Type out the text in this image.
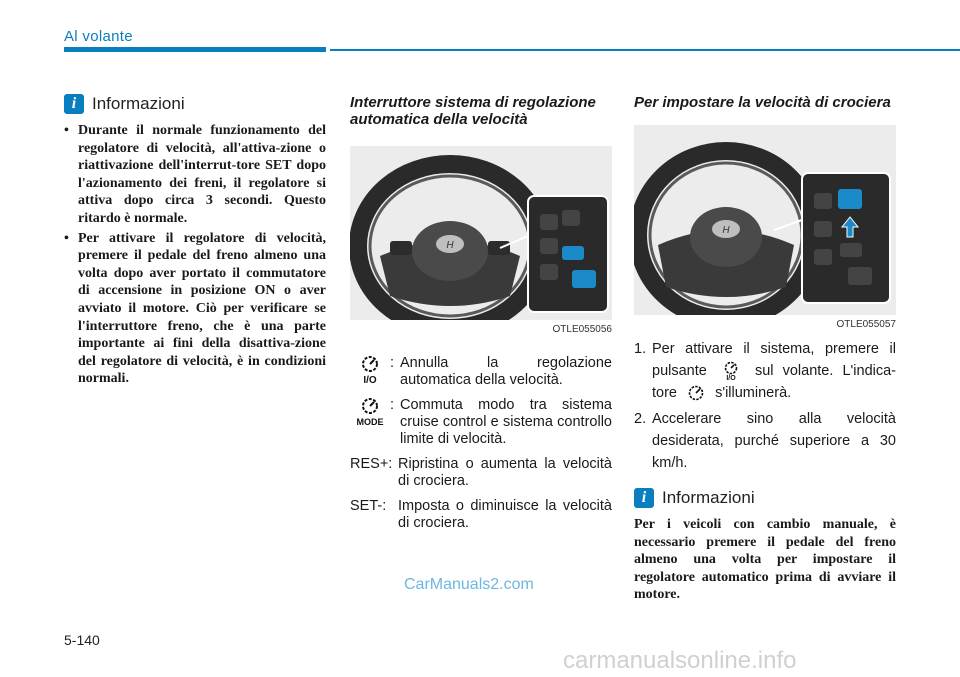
Al volante
i Informazioni
• Durante il normale funzionamento del regolatore di velocità, all'attiva-zione o riattivazione dell'interrut-tore SET dopo l'azionamento dei freni, il regolatore si attiva dopo circa 3 secondi. Questo ritardo è normale.
• Per attivare il regolatore di velocità, premere il pedale del freno almeno una volta dopo aver portato il commutatore di accensione in posizione ON o aver avviato il motore. Ciò per verificare se l'interruttore freno, che è una parte importante ai fini della disattiva-zione del regolatore di velocità, è in condizioni normali.
Interruttore sistema di regolazione automatica della velocità
H
OTLE055056
I/O
: Annulla la regolazione automatica della velocità.
MODE
: Commuta modo tra sistema cruise control e sistema controllo limite di velocità.
RES+: Ripristina o aumenta la velocità di crociera.
SET-: Imposta o diminuisce la velocità di crociera.
Per impostare la velocità di crociera
H
OTLE055057
1. Per attivare il sistema, premere il pulsante	I/O sul volante. L'indica- tore	s'illuminerà.
2. Accelerare sino alla velocità desiderata, purché superiore a 30 km/h.
i Informazioni
Per i veicoli con cambio manuale, è necessario premere il pedale del freno almeno una volta per impostare il regolatore automatico prima di avviare il motore.
5-140
CarManuals2.com
carmanualsonline.info
